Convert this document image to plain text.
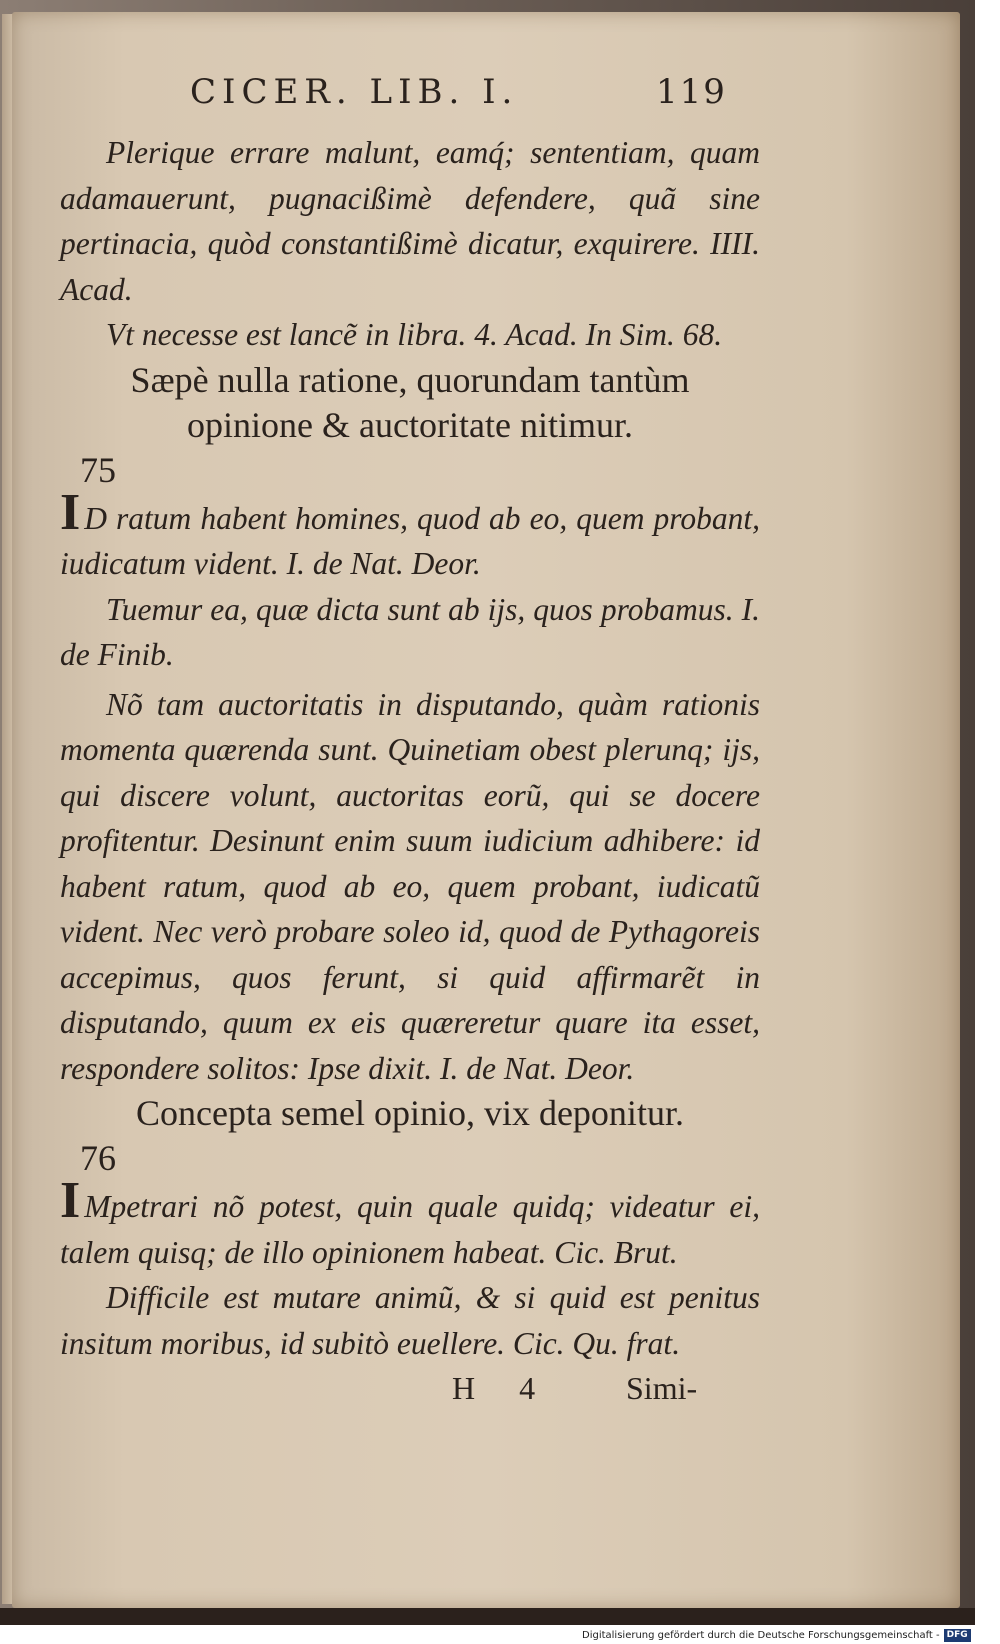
CICER. LIB. I.	119

Plerique errare malunt, eamq́; sententiam, quam adamauerunt, pugnacißimè defendere, quã sine pertinacia, quòd constantißimè dicatur, exquirere. IIII. Acad.

Vt necesse est lancẽ in libra. 4. Acad. In Sim. 68.

Sæpè nulla ratione, quorundam tantùm opinione & auctoritate nitimur.

75

I D ratum habent homines, quod ab eo, quem probant, iudicatum vident. I. de Nat. Deor.

Tuemur ea, quæ dicta sunt ab ijs, quos probamus. I. de Finib.

Nõ tam auctoritatis in disputando, quàm rationis momenta quærenda sunt. Quinetiam obest plerunq; ijs, qui discere volunt, auctoritas eorũ, qui se docere profitentur. Desinunt enim suum iudicium adhibere: id habent ratum, quod ab eo, quem probant, iudicatũ vident. Nec verò probare soleo id, quod de Pythagoreis accepimus, quos ferunt, si quid affirmarẽt in disputando, quum ex eis quæreretur quare ita esset, respondere solitos: Ipse dixit. I. de Nat. Deor.

Concepta semel opinio, vix deponitur.

76

I Mpetrari nõ potest, quin quale quidq; videatur ei, talem quisq; de illo opinionem habeat. Cic. Brut.

Difficile est mutare animũ, & si quid est penitus insitum moribus, id subitò euellere. Cic. Qu. frat.

H 4 Simi-
Digitalisierung gefördert durch die Deutsche Forschungsgemeinschaft - DFG
